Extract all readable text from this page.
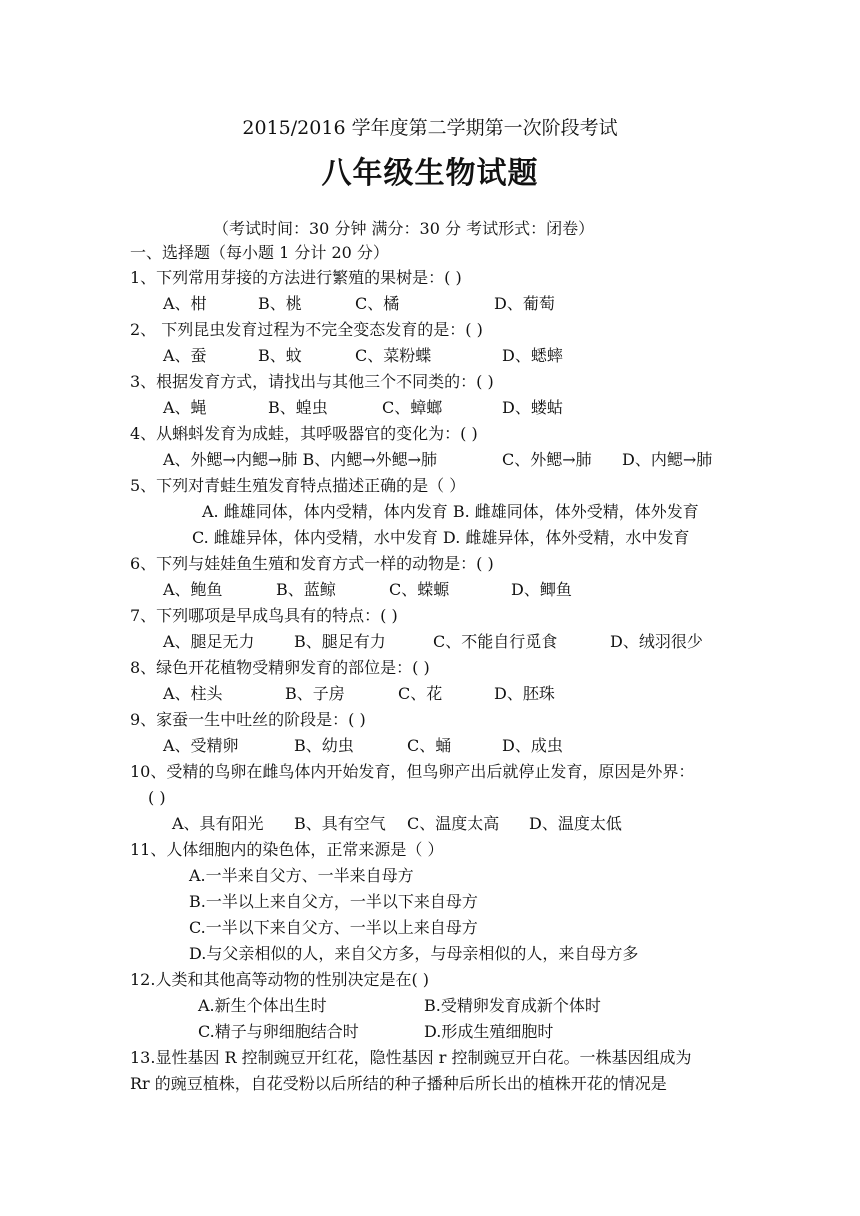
2015/2016 学年度第二学期第一次阶段考试
八年级生物试题
（考试时间：30 分钟 满分：30 分 考试形式：闭卷）
一、选择题（每小题 1 分计 20 分）
1、下列常用芽接的方法进行繁殖的果树是：( )
A、柑	B、桃	C、橘	D、葡萄
2、 下列昆虫发育过程为不完全变态发育的是：( )
A、蚕	B、蚊	C、菜粉蝶	D、蟋蟀
3、根据发育方式，请找出与其他三个不同类的：( )
A、蝇	B、蝗虫	C、蟑螂	D、蝼蛄
4、从蝌蚪发育为成蛙，其呼吸器官的变化为：( )
A、外鳃→内鳃→肺 B、内鳃→外鳃→肺	C、外鳃→肺 D、内鳃→肺
5、下列对青蛙生殖发育特点描述正确的是（ ）
A. 雌雄同体，体内受精，体内发育 B. 雌雄同体，体外受精，体外发育
C. 雌雄异体，体内受精，水中发育 D. 雌雄异体，体外受精，水中发育
6、下列与娃娃鱼生殖和发育方式一样的动物是：( )
A、鲍鱼	B、蓝鲸	C、蝾螈	D、鲫鱼
7、下列哪项是早成鸟具有的特点：( )
A、腿足无力 B、腿足有力	C、不能自行觅食	D、绒羽很少
8、绿色开花植物受精卵发育的部位是：( )
A、柱头	B、子房	C、花	D、胚珠
9、家蚕一生中吐丝的阶段是：( )
A、受精卵	B、幼虫	C、蛹	D、成虫
10、受精的鸟卵在雌鸟体内开始发育，但鸟卵产出后就停止发育，原因是外界：
( )
A、具有阳光 B、具有空气 C、温度太高 D、温度太低
11、人体细胞内的染色体，正常来源是（ ）
A.一半来自父方、一半来自母方
B.一半以上来自父方，一半以下来自母方
C.一半以下来自父方、一半以上来自母方
D.与父亲相似的人，来自父方多，与母亲相似的人，来自母方多
12.人类和其他高等动物的性别决定是在( )
A.新生个体出生时	B.受精卵发育成新个体时
C.精子与卵细胞结合时	D.形成生殖细胞时
13.显性基因 R 控制豌豆开红花，隐性基因 r 控制豌豆开白花。一株基因组成为
Rr 的豌豆植株，自花受粉以后所结的种子播种后所长出的植株开花的情况是
